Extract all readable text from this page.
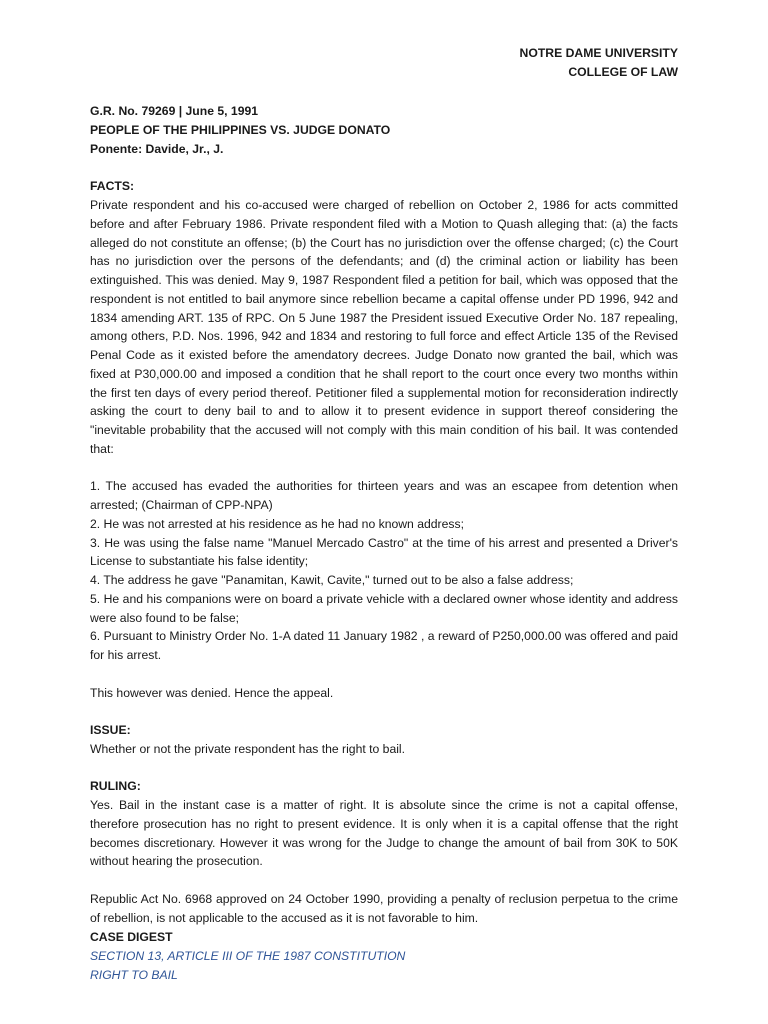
NOTRE DAME UNIVERSITY
COLLEGE OF LAW
G.R. No. 79269 | June 5, 1991
PEOPLE OF THE PHILIPPINES VS. JUDGE DONATO
Ponente: Davide, Jr., J.
FACTS:
Private respondent and his co-accused were charged of rebellion on October 2, 1986 for acts committed before and after February 1986. Private respondent filed with a Motion to Quash alleging that: (a) the facts alleged do not constitute an offense; (b) the Court has no jurisdiction over the offense charged; (c) the Court has no jurisdiction over the persons of the defendants; and (d) the criminal action or liability has been extinguished. This was denied. May 9, 1987 Respondent filed a petition for bail, which was opposed that the respondent is not entitled to bail anymore since rebellion became a capital offense under PD 1996, 942 and 1834 amending ART. 135 of RPC. On 5 June 1987 the President issued Executive Order No. 187 repealing, among others, P.D. Nos. 1996, 942 and 1834 and restoring to full force and effect Article 135 of the Revised Penal Code as it existed before the amendatory decrees. Judge Donato now granted the bail, which was fixed at P30,000.00 and imposed a condition that he shall report to the court once every two months within the first ten days of every period thereof. Petitioner filed a supplemental motion for reconsideration indirectly asking the court to deny bail to and to allow it to present evidence in support thereof considering the "inevitable probability that the accused will not comply with this main condition of his bail. It was contended that:
1. The accused has evaded the authorities for thirteen years and was an escapee from detention when arrested; (Chairman of CPP-NPA)
2. He was not arrested at his residence as he had no known address;
3. He was using the false name "Manuel Mercado Castro" at the time of his arrest and presented a Driver's License to substantiate his false identity;
4. The address he gave "Panamitan, Kawit, Cavite," turned out to be also a false address;
5. He and his companions were on board a private vehicle with a declared owner whose identity and address were also found to be false;
6. Pursuant to Ministry Order No. 1-A dated 11 January 1982 , a reward of P250,000.00 was offered and paid for his arrest.
This however was denied. Hence the appeal.
ISSUE:
Whether or not the private respondent has the right to bail.
RULING:
Yes. Bail in the instant case is a matter of right. It is absolute since the crime is not a capital offense, therefore prosecution has no right to present evidence. It is only when it is a capital offense that the right becomes discretionary. However it was wrong for the Judge to change the amount of bail from 30K to 50K without hearing the prosecution.
Republic Act No. 6968 approved on 24 October 1990, providing a penalty of reclusion perpetua to the crime of rebellion, is not applicable to the accused as it is not favorable to him.
CASE DIGEST
SECTION 13, ARTICLE III OF THE 1987 CONSTITUTION
RIGHT TO BAIL
